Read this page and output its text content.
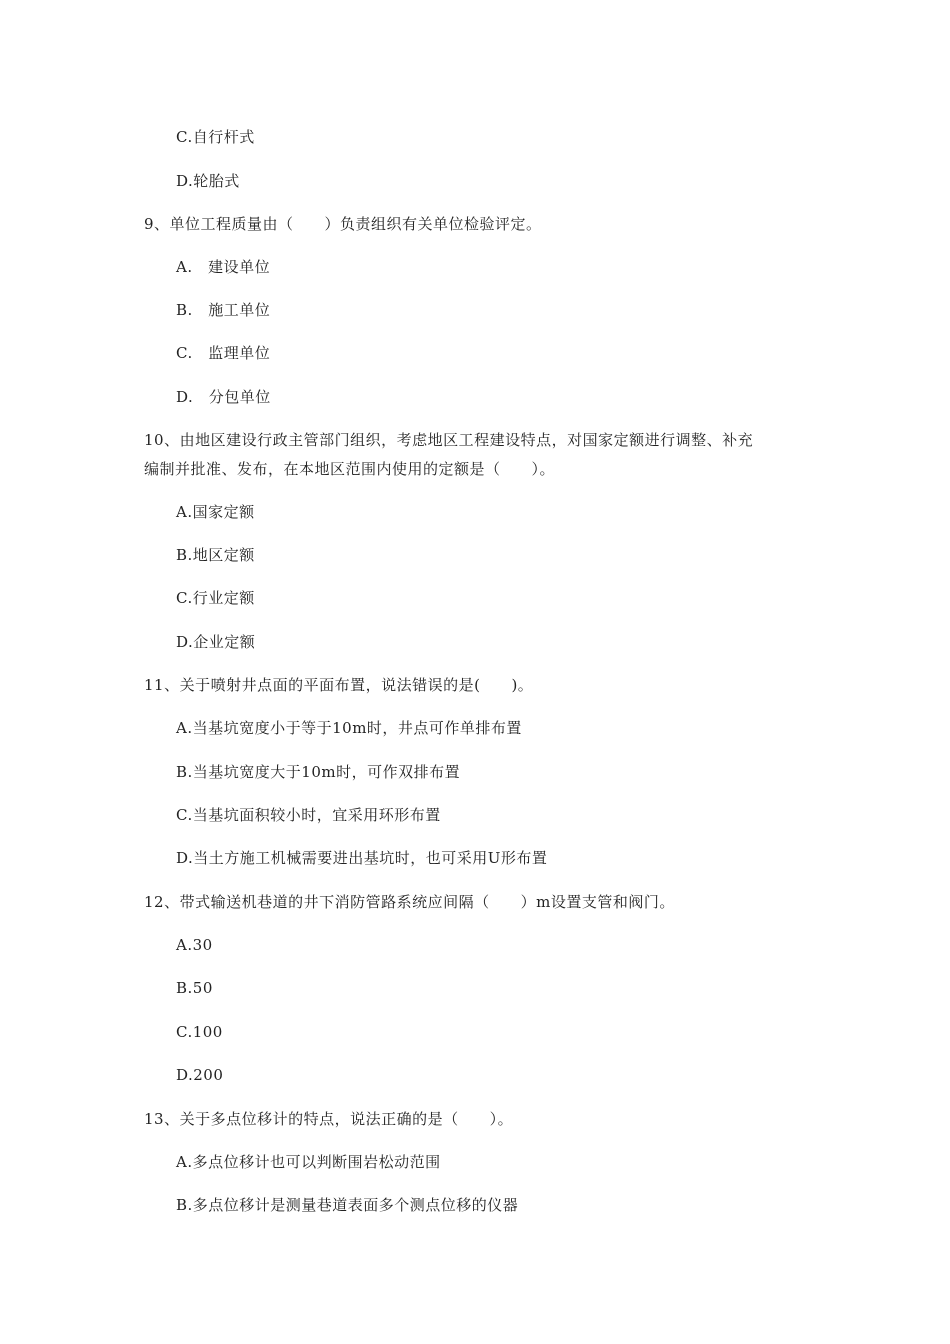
C.自行杆式
D.轮胎式
9、单位工程质量由（　　）负责组织有关单位检验评定。
A.　建设单位
B.　施工单位
C.　监理单位
D.　分包单位
10、由地区建设行政主管部门组织，考虑地区工程建设特点，对国家定额进行调整、补充
编制并批准、发布，在本地区范围内使用的定额是（　　）。
A.国家定额
B.地区定额
C.行业定额
D.企业定额
11、关于喷射井点面的平面布置，说法错误的是(　　)。
A.当基坑宽度小于等于10m时，井点可作单排布置
B.当基坑宽度大于10m时，可作双排布置
C.当基坑面积较小时，宜采用环形布置
D.当土方施工机械需要进出基坑时，也可采用U形布置
12、带式输送机巷道的井下消防管路系统应间隔（　　）m设置支管和阀门。
A.30
B.50
C.100
D.200
13、关于多点位移计的特点，说法正确的是（　　）。
A.多点位移计也可以判断围岩松动范围
B.多点位移计是测量巷道表面多个测点位移的仪器
